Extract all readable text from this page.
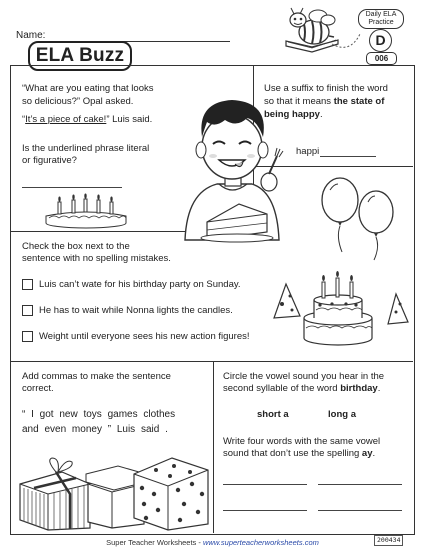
Name:
ELA Buzz
Daily ELA
Practice
D
006
“What are you eating that looks
so delicious?” Opal asked.
“It’s a piece of cake!” Luis said.
Is the underlined phrase literal
or figurative?
Use a suffix to finish the word
so that it means the state of
being happy.
happi
Check the box next to the
sentence with no spelling mistakes.
Luis can’t wate for his birthday party on Sunday.
He has to wait while Nonna lights the candles.
Weight until everyone sees his new action figures!
Add commas to make the sentence
correct.
“ I got new toys games clothes
and even money ” Luis said .
Circle the vowel sound you hear in the
second syllable of the word birthday.
short a	long a
Write four words with the same vowel
sound that don’t use the spelling ay.
Super Teacher Worksheets - www.superteacherworksheets.com	200434
